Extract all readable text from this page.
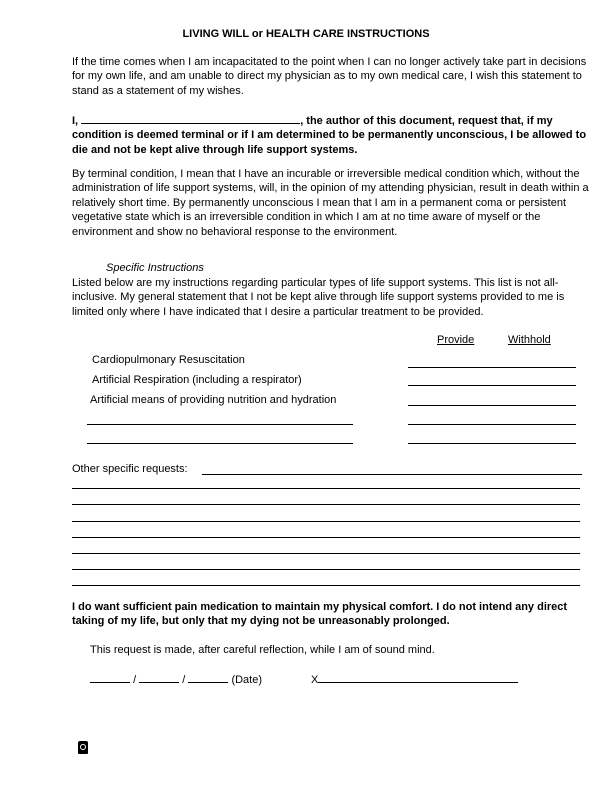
LIVING WILL or HEALTH CARE INSTRUCTIONS
If the time comes when I am incapacitated to the point when I can no longer actively take part in decisions for my own life, and am unable to direct my physician as to my own medical care, I wish this statement to stand as a statement of my wishes.
I,	, the author of this document, request that, if my condition is deemed terminal or if I am determined to be permanently unconscious, I be allowed to die and not be kept alive through life support systems.
By terminal condition, I mean that I have an incurable or irreversible medical condition which, without the administration of life support systems, will, in the opinion of my attending physician, result in death within a relatively short time. By permanently unconscious I mean that I am in a permanent coma or persistent vegetative state which is an irreversible condition in which I am at no time aware of myself or the environment and show no behavioral response to the environment.
Specific Instructions
Listed below are my instructions regarding particular types of life support systems. This list is not all-inclusive. My general statement that I not be kept alive through life support systems provided to me is limited only where I have indicated that I desire a particular treatment to be provided.
Provide	Withhold
Cardiopulmonary Resuscitation
Artificial Respiration (including a respirator)
Artificial means of providing nutrition and hydration
Other specific requests:
I do want sufficient pain medication to maintain my physical comfort. I do not intend any direct taking of my life, but only that my dying not be unreasonably prolonged.
This request is made, after careful reflection, while I am of sound mind.
/	/	(Date)	X
